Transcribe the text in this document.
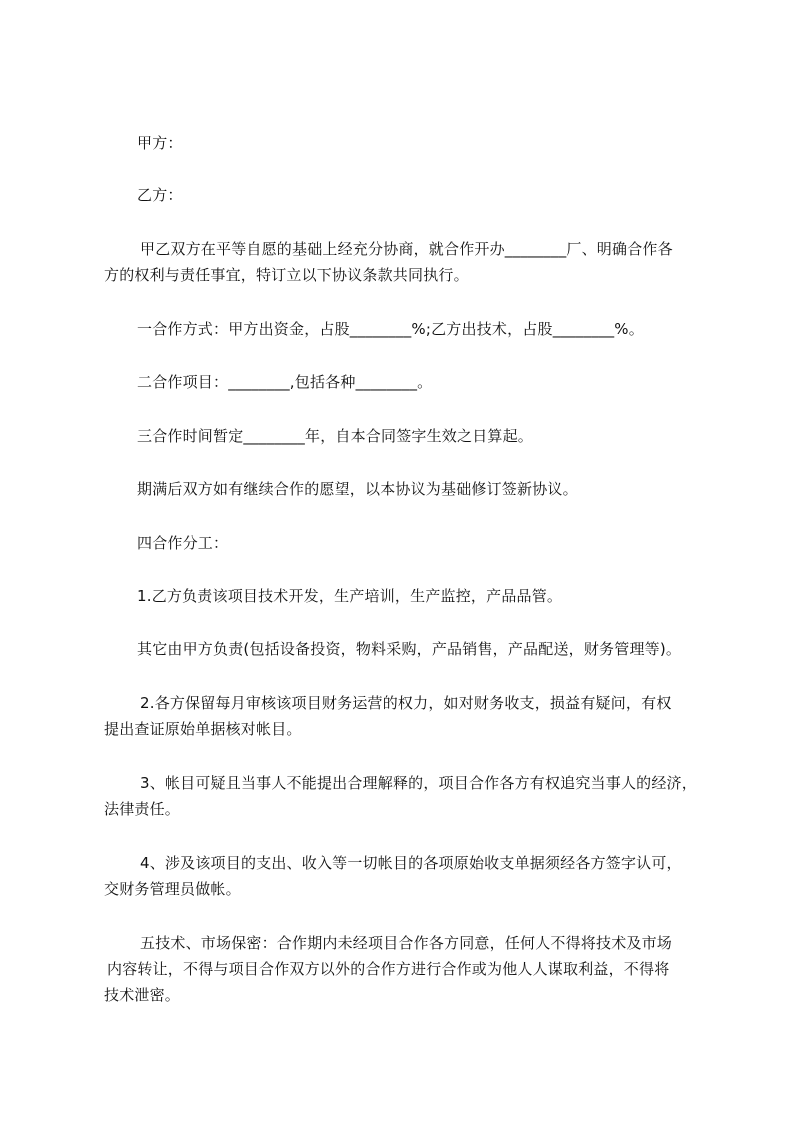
甲方：
乙方：
甲乙双方在平等自愿的基础上经充分协商，就合作开办________厂、明确合作各
方的权利与责任事宜，特订立以下协议条款共同执行。
一合作方式：甲方出资金，占股________%;乙方出技术，占股________%。
二合作项目：________,包括各种________。
三合作时间暂定________年，自本合同签字生效之日算起。
期满后双方如有继续合作的愿望，以本协议为基础修订签新协议。
四合作分工：
1.乙方负责该项目技术开发，生产培训，生产监控，产品品管。
其它由甲方负责(包括设备投资，物料采购，产品销售，产品配送，财务管理等)。
2.各方保留每月审核该项目财务运营的权力，如对财务收支，损益有疑问，有权
提出查证原始单据核对帐目。
3、帐目可疑且当事人不能提出合理解释的，项目合作各方有权追究当事人的经济，
法律责任。
4、涉及该项目的支出、收入等一切帐目的各项原始收支单据须经各方签字认可，
交财务管理员做帐。
五技术、市场保密：合作期内未经项目合作各方同意，任何人不得将技术及市场
内容转让，不得与项目合作双方以外的合作方进行合作或为他人人谋取利益，不得将
技术泄密。
